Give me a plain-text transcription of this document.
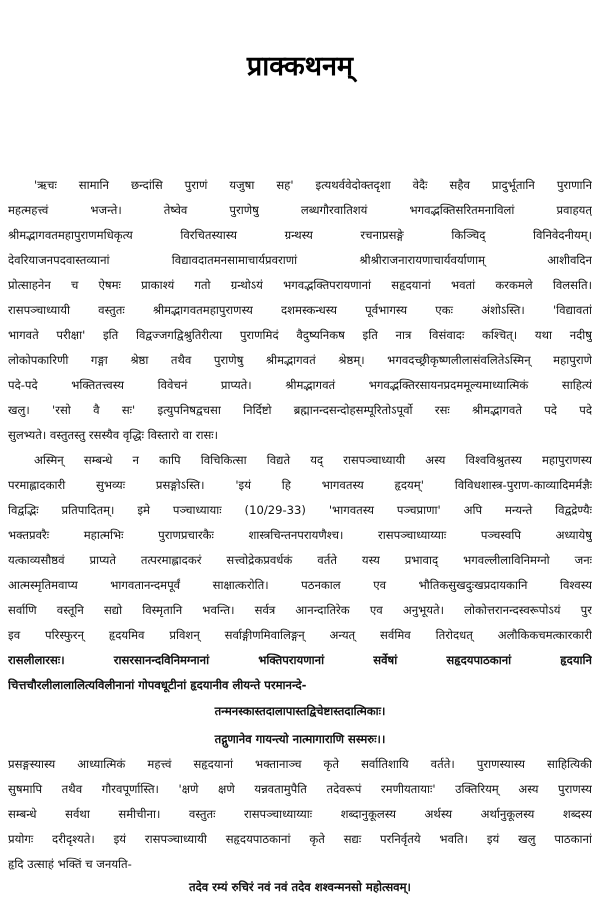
प्राक्कथनम्
'ऋचः सामानि छन्दांसि पुराणं यजुषा सह' इत्यथर्ववेदोक्तदृशा वेदैः सहैव प्रादुर्भूतानि पुराणानि
महत्महत्त्वं भजन्ते। तेष्वेव पुराणेषु लब्धगौरवातिशयं भगवद्भक्तिसरितमनाविलां प्रवाहयत्
श्रीमद्भागवतमहापुराणमधिकृत्य विरचितस्यास्य ग्रन्थस्य रचनाप्रसङ्गे किञ्चिद् विनिवेदनीयम्।
देवरियाजनपदवास्तव्यानां विद्यावदातमनसामाचार्यप्रवराणां श्रीश्रीराजनारायणाचार्यवर्याणाम् आशीवदिन
प्रोत्साहनेन च ऐषमः प्राकाश्यं गतो ग्रन्थोऽयं भगवद्भक्तिपरायणानां सहृदयानां भवतां करकमले विलसति।
रासपञ्चाध्यायी वस्तुतः श्रीमद्भागवतमहापुराणस्य दशमस्कन्धस्य पूर्वभागस्य एकः अंशोऽस्ति। 'विद्यावतां
भागवते परीक्षा' इति विद्वज्जगद्विश्रुतिरीत्या पुराणमिदं वैदुष्यनिकष इति नात्र विसंवादः कश्चित्। यथा नदीषु
लोकोपकारिणी गङ्गा श्रेष्ठा तथैव पुराणेषु श्रीमद्भागवतं श्रेष्ठम्। भगवदच्छ्रीकृष्णलीलासंवलितेऽस्मिन् महापुराणे
पदे-पदे भक्तितत्त्वस्य विवेचनं प्राप्यते। श्रीमद्भागवतं भगवद्भक्तिरसायनप्रदममूल्यमाध्यात्मिकं साहित्यं
खलु। 'रसो वै सः' इत्युपनिषद्वचसा निर्दिष्टो ब्रह्मानन्दसन्दोहसम्पूरितोऽपूर्वो रसः श्रीमद्भागवते पदे पदे
सुलभ्यते। वस्तुतस्तु रसस्यैव वृद्धिः विस्तारो वा रासः।
अस्मिन् सम्बन्धे न कापि विचिकित्सा विद्यते यद् रासपञ्चाध्यायी अस्य विश्वविश्रुतस्य महापुराणस्य
परमाह्लादकारी सुभव्यः प्रसङ्गोऽस्ति। 'इयं हि भागवतस्य हृदयम्' विविधशास्त्र-पुराण-काव्यादिमर्मज्ञैः
विद्वद्भिः प्रतिपादितम्। इमे पञ्चाध्यायाः (10/29-33) 'भागवतस्य पञ्चप्राणा' अपि मन्यन्ते विद्वद्रेण्यैः
भक्तप्रवरैः महात्मभिः पुराणप्रचारकैः शास्त्रचिन्तनपरायणैश्च। रासपञ्चाध्याय्याः पञ्चस्वपि अध्यायेषु
यत्काव्यसौष्ठवं प्राप्यते तत्परमाह्लादकरं सत्त्वोद्रेकप्रवर्धकं वर्तते यस्य प्रभावाद् भगवल्लीलाविनिमग्नो जनः
आत्मस्मृतिमवाप्य भागवतानन्दमपूर्वं साक्षात्करोति। पठनकाल एव भौतिकसुखदुःखप्रदायकानि विश्वस्य
सर्वाणि वस्तूनि सद्यो विस्मृतानि भवन्ति। सर्वत्र आनन्दातिरेक एव अनुभूयते। लोकोत्तरानन्दस्वरूपोऽयं पुर
इव परिस्फुरन् हृदयमिव प्रविशन् सर्वाङ्गीणमिवालिङ्गन् अन्यत् सर्वमिव तिरोदधत् अलौकिकचमत्कारकारी
रासलीलारसः। रासरसानन्दविनिमग्नानां भक्तिपरायणानां सर्वेषां सहृदयपाठकानां हृदयानि
चित्तचौरलीलालालित्यविलीनानां गोपवधूटीनां हृदयानीव लीयन्ते परमानन्दे-
तन्मनस्कास्तदालापास्तद्विचेष्टास्तदात्मिकाः।
तद्गुणानेव गायन्त्यो नात्मागाराणि सस्मरुः।।
प्रसङ्गस्यास्य आध्यात्मिकं महत्त्वं सहृदयानां भक्तानाञ्च कृते सर्वातिशायि वर्तते। पुराणस्यास्य साहित्यिकी
सुषमापि तथैव गौरवपूर्णास्ति। 'क्षणे क्षणे यन्नवतामुपैति तदेवरूपं रमणीयतायाः' उक्तिरियम् अस्य पुराणस्य
सम्बन्धे सर्वथा समीचीना। वस्तुतः रासपञ्चाध्याय्याः शब्दानुकूलस्य अर्थस्य अर्थानुकूलस्य शब्दस्य
प्रयोगः दरीदृश्यते। इयं रासपञ्चाध्यायी सहृदयपाठकानां कृते सद्यः परनिर्वृतये भवति। इयं खलु पाठकानां
हृदि उत्साहं भक्तिं च जनयति-
तदेव रम्यं रुचिरं नवं नवं तदेव शश्वन्मनसो महोत्सवम्।
